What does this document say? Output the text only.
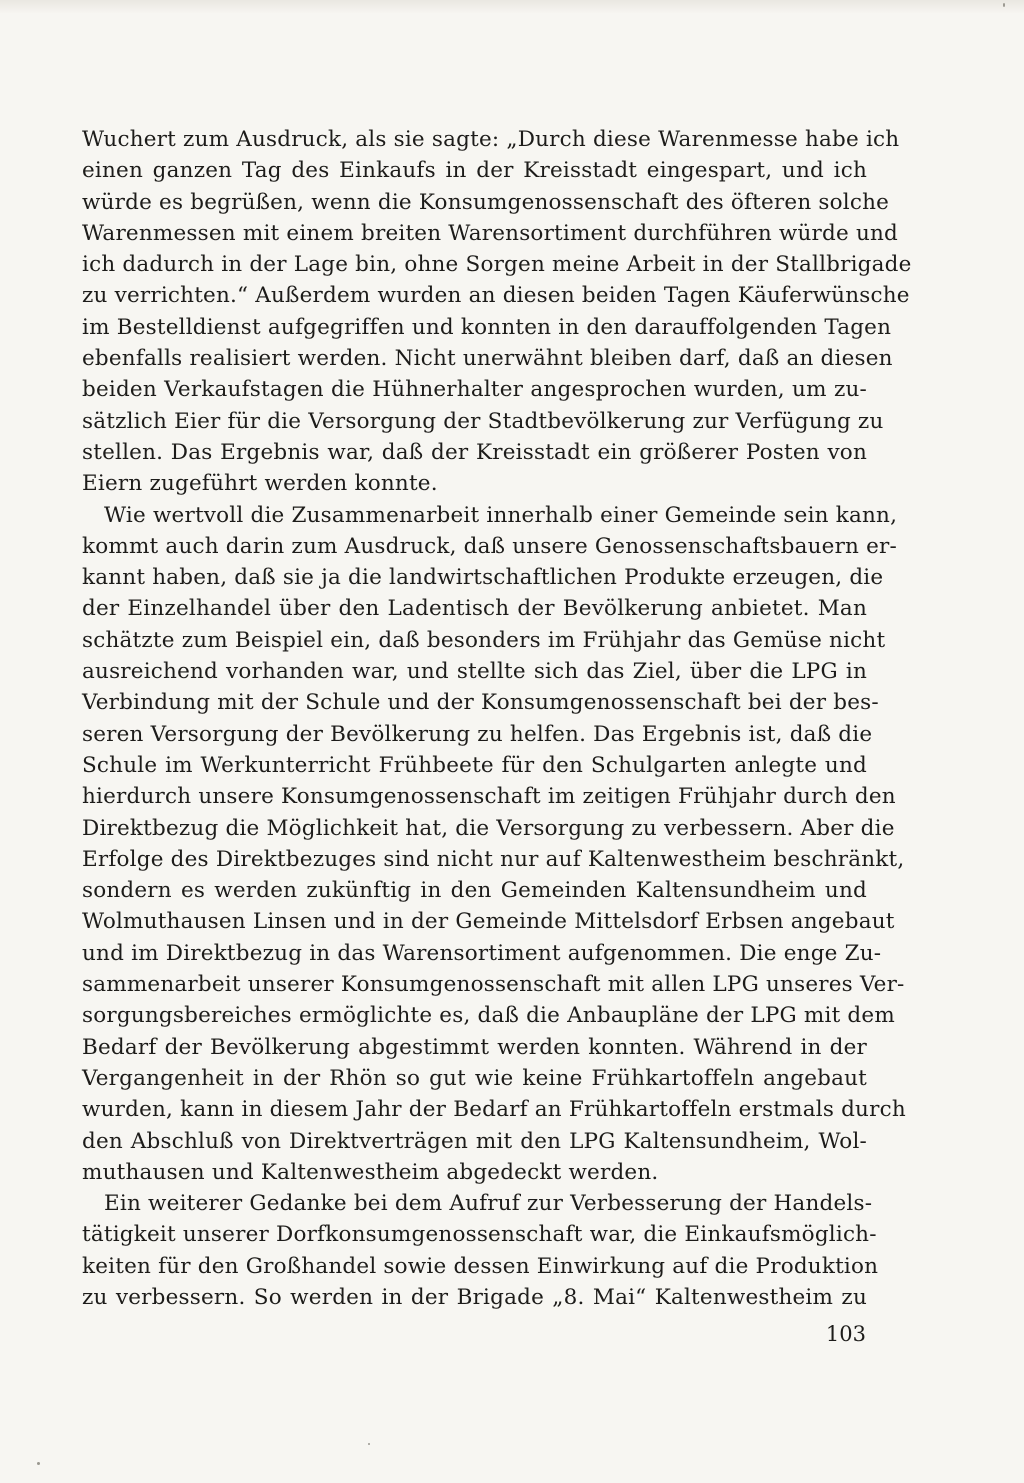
Wuchert zum Ausdruck, als sie sagte: „Durch diese Warenmesse habe ich
einen ganzen Tag des Einkaufs in der Kreisstadt eingespart, und ich
würde es begrüßen, wenn die Konsumgenossenschaft des öfteren solche
Warenmessen mit einem breiten Warensortiment durchführen würde und
ich dadurch in der Lage bin, ohne Sorgen meine Arbeit in der Stallbrigade
zu verrichten.“ Außerdem wurden an diesen beiden Tagen Käuferwünsche
im Bestelldienst aufgegriffen und konnten in den darauffolgenden Tagen
ebenfalls realisiert werden. Nicht unerwähnt bleiben darf, daß an diesen
beiden Verkaufstagen die Hühnerhalter angesprochen wurden, um zu-
sätzlich Eier für die Versorgung der Stadtbevölkerung zur Verfügung zu
stellen. Das Ergebnis war, daß der Kreisstadt ein größerer Posten von
Eiern zugeführt werden konnte.
Wie wertvoll die Zusammenarbeit innerhalb einer Gemeinde sein kann,
kommt auch darin zum Ausdruck, daß unsere Genossenschaftsbauern er-
kannt haben, daß sie ja die landwirtschaftlichen Produkte erzeugen, die
der Einzelhandel über den Ladentisch der Bevölkerung anbietet. Man
schätzte zum Beispiel ein, daß besonders im Frühjahr das Gemüse nicht
ausreichend vorhanden war, und stellte sich das Ziel, über die LPG in
Verbindung mit der Schule und der Konsumgenossenschaft bei der bes-
seren Versorgung der Bevölkerung zu helfen. Das Ergebnis ist, daß die
Schule im Werkunterricht Frühbeete für den Schulgarten anlegte und
hierdurch unsere Konsumgenossenschaft im zeitigen Frühjahr durch den
Direktbezug die Möglichkeit hat, die Versorgung zu verbessern. Aber die
Erfolge des Direktbezuges sind nicht nur auf Kaltenwestheim beschränkt,
sondern es werden zukünftig in den Gemeinden Kaltensundheim und
Wolmuthausen Linsen und in der Gemeinde Mittelsdorf Erbsen angebaut
und im Direktbezug in das Warensortiment aufgenommen. Die enge Zu-
sammenarbeit unserer Konsumgenossenschaft mit allen LPG unseres Ver-
sorgungsbereiches ermöglichte es, daß die Anbaupläne der LPG mit dem
Bedarf der Bevölkerung abgestimmt werden konnten. Während in der
Vergangenheit in der Rhön so gut wie keine Frühkartoffeln angebaut
wurden, kann in diesem Jahr der Bedarf an Frühkartoffeln erstmals durch
den Abschluß von Direktverträgen mit den LPG Kaltensundheim, Wol-
muthausen und Kaltenwestheim abgedeckt werden.
Ein weiterer Gedanke bei dem Aufruf zur Verbesserung der Handels-
tätigkeit unserer Dorfkonsumgenossenschaft war, die Einkaufsmöglich-
keiten für den Großhandel sowie dessen Einwirkung auf die Produktion
zu verbessern. So werden in der Brigade „8. Mai“ Kaltenwestheim zu
103
